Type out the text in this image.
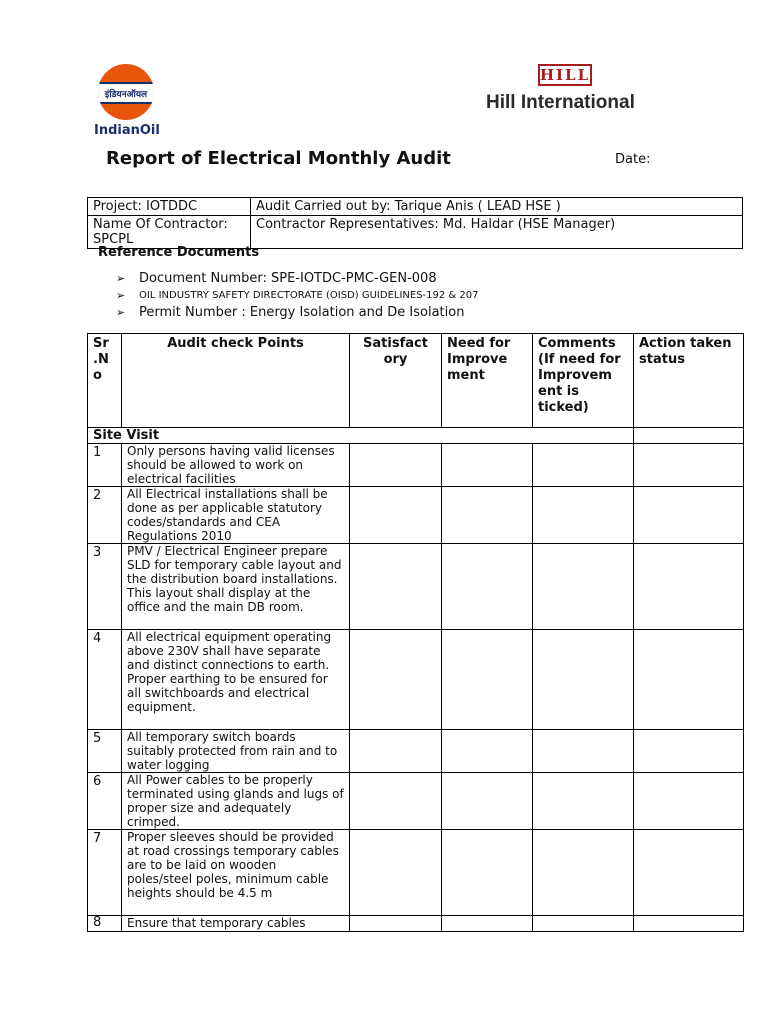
इंडियनऑयल
IndianOil
HILL
Hill International
Report of Electrical Monthly Audit	Date:
Project: IOTDDC	Audit Carried out by: Tarique Anis ( LEAD HSE )
Name Of Contractor: SPCPL	Contractor Representatives: Md. Haldar (HSE Manager)
Reference Documents
➢	Document Number: SPE-IOTDC-PMC-GEN-008
➢	OIL INDUSTRY SAFETY DIRECTORATE (OISD) GUIDELINES-192 & 207
➢	Permit Number : Energy Isolation and De Isolation
Sr .N o	Audit check Points	Satisfact ory	Need for Improve ment	Comments (If need for Improvem ent is ticked)	Action taken status
Site Visit					
1	Only persons having valid licenses should be allowed to work on electrical facilities				
2	All Electrical installations shall be done as per applicable statutory codes/standards and CEA Regulations 2010				
3	PMV / Electrical Engineer prepare SLD for temporary cable layout and the distribution board installations. This layout shall display at the office and the main DB room.				
4	All electrical equipment operating above 230V shall have separate and distinct connections to earth. Proper earthing to be ensured for all switchboards and electrical equipment.				
5	All temporary switch boards suitably protected from rain and to water logging				
6	All Power cables to be properly terminated using glands and lugs of proper size and adequately crimped.				
7	Proper sleeves should be provided at road crossings temporary cables are to be laid on wooden poles/steel poles, minimum cable heights should be 4.5 m				
8	Ensure that temporary cables				
